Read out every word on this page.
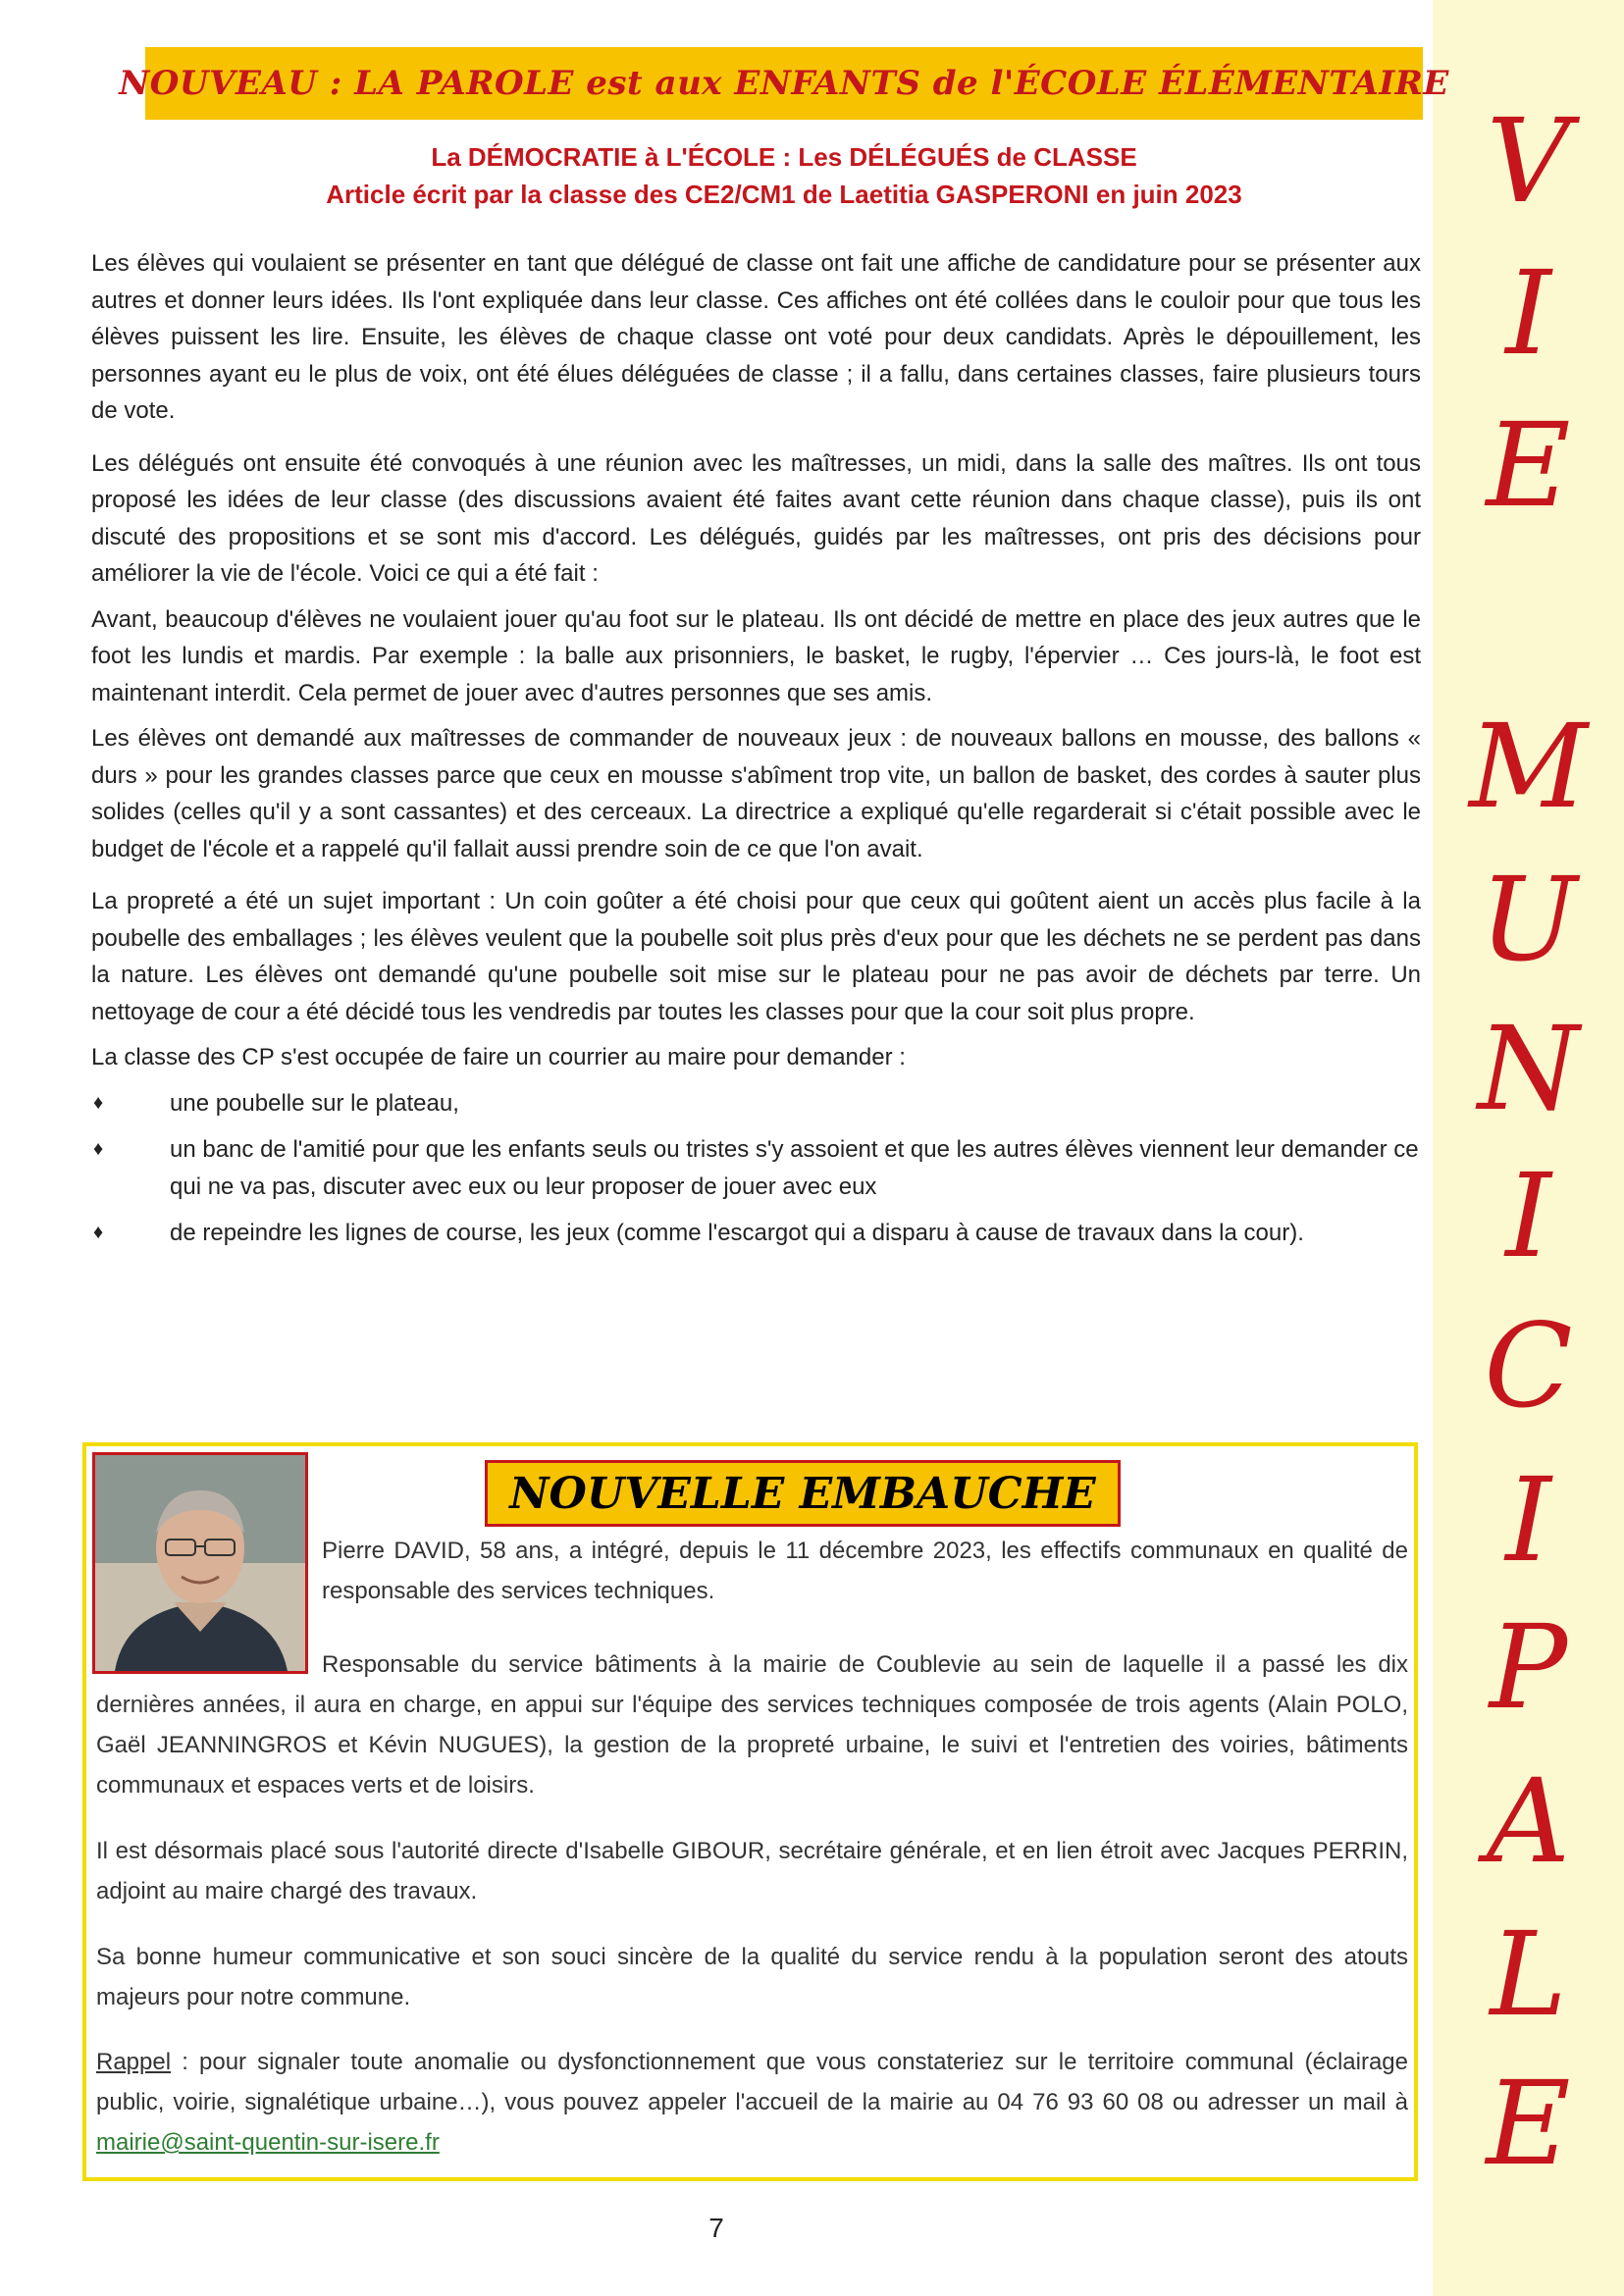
V
I
E
M
U
N
I
C
I
P
A
L
E
NOUVEAU : LA PAROLE est aux ENFANTS de l'ÉCOLE ÉLÉMENTAIRE
La DÉMOCRATIE à L'ÉCOLE : Les DÉLÉGUÉS de CLASSE
Article écrit par la classe des CE2/CM1 de Laetitia GASPERONI en juin 2023

Les élèves qui voulaient se présenter en tant que délégué de classe ont fait une affiche de candidature pour se présenter aux autres et donner leurs idées. Ils l'ont expliquée dans leur classe. Ces affiches ont été collées dans le couloir pour que tous les élèves puissent les lire. Ensuite, les élèves de chaque classe ont voté pour deux candidats. Après le dépouillement, les personnes ayant eu le plus de voix, ont été élues déléguées de classe ; il a fallu, dans certaines classes, faire plusieurs tours de vote.

Les délégués ont ensuite été convoqués à une réunion avec les maîtresses, un midi, dans la salle des maîtres. Ils ont tous proposé les idées de leur classe (des discussions avaient été faites avant cette réunion dans chaque classe), puis ils ont discuté des propositions et se sont mis d'accord. Les délégués, guidés par les maîtresses, ont pris des décisions pour améliorer la vie de l'école. Voici ce qui a été fait :

Avant, beaucoup d'élèves ne voulaient jouer qu'au foot sur le plateau. Ils ont décidé de mettre en place des jeux autres que le foot les lundis et mardis. Par exemple : la balle aux prisonniers, le basket, le rugby, l'épervier … Ces jours-là, le foot est maintenant interdit. Cela permet de jouer avec d'autres personnes que ses amis.

Les élèves ont demandé aux maîtresses de commander de nouveaux jeux : de nouveaux ballons en mousse, des ballons « durs » pour les grandes classes parce que ceux en mousse s'abîment trop vite, un ballon de basket, des cordes à sauter plus solides (celles qu'il y a sont cassantes) et des cerceaux. La directrice a expliqué qu'elle regarderait si c'était possible avec le budget de l'école et a rappelé qu'il fallait aussi prendre soin de ce que l'on avait.

La propreté a été un sujet important : Un coin goûter a été choisi pour que ceux qui goûtent aient un accès plus facile à la poubelle des emballages ; les élèves veulent que la poubelle soit plus près d'eux pour que les déchets ne se perdent pas dans la nature. Les élèves ont demandé qu'une poubelle soit mise sur le plateau pour ne pas avoir de déchets par terre. Un nettoyage de cour a été décidé tous les vendredis par toutes les classes pour que la cour soit plus propre.

La classe des CP s'est occupée de faire un courrier au maire pour demander :

♦	une poubelle sur le plateau,
♦	un banc de l'amitié pour que les enfants seuls ou tristes s'y assoient et que les autres élèves viennent leur demander ce qui ne va pas, discuter avec eux ou leur proposer de jouer avec eux
♦	de repeindre les lignes de course, les jeux (comme l'escargot qui a disparu à cause de travaux dans la cour).
NOUVELLE EMBAUCHE

Pierre DAVID, 58 ans, a intégré, depuis le 11 décembre 2023, les effectifs communaux en qualité de responsable des services techniques.

Responsable du service bâtiments à la mairie de Coublevie au sein de laquelle il a passé les dix dernières années, il aura en charge, en appui sur l'équipe des services techniques composée de trois agents (Alain POLO, Gaël JEANNINGROS et Kévin NUGUES), la gestion de la propreté urbaine, le suivi et l'entretien des voiries, bâtiments communaux et espaces verts et de loisirs.

Il est désormais placé sous l'autorité directe d'Isabelle GIBOUR, secrétaire générale, et en lien étroit avec Jacques PERRIN, adjoint au maire chargé des travaux.

Sa bonne humeur communicative et son souci sincère de la qualité du service rendu à la population seront des atouts majeurs pour notre commune.

Rappel : pour signaler toute anomalie ou dysfonctionnement que vous constateriez sur le territoire communal (éclairage public, voirie, signalétique urbaine…), vous pouvez appeler l'accueil de la mairie au 04 76 93 60 08 ou adresser un mail à mairie@saint-quentin-sur-isere.fr

7
